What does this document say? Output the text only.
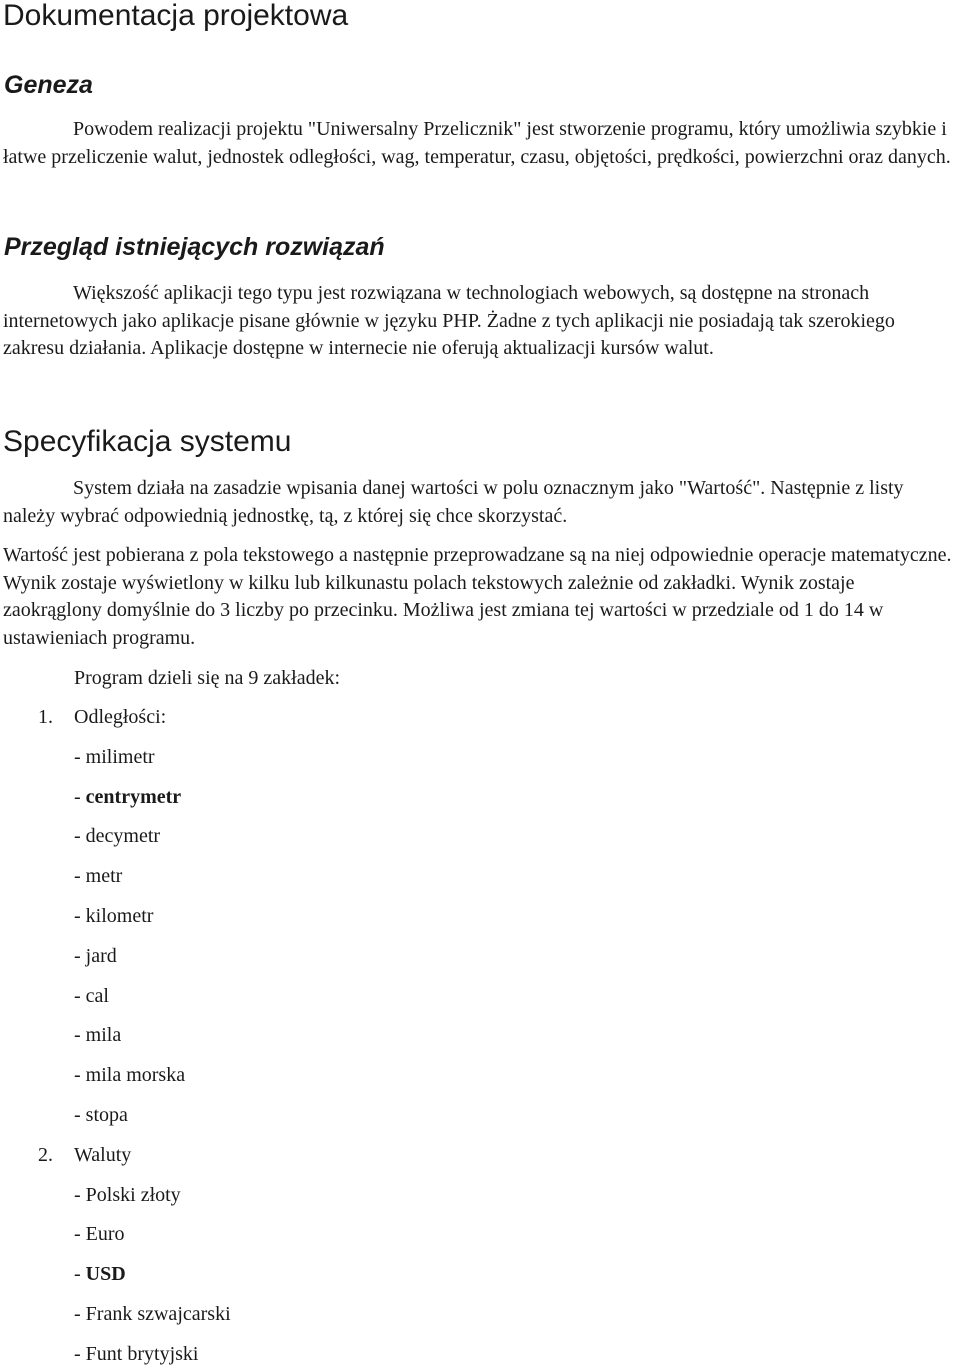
Dokumentacja projektowa
Geneza

Powodem realizacji projektu "Uniwersalny Przelicznik" jest stworzenie programu, który umożliwia szybkie i łatwe przeliczenie walut, jednostek odległości, wag, temperatur, czasu, objętości, prędkości, powierzchni oraz danych.

Przegląd istniejących rozwiązań

Większość aplikacji tego typu jest rozwiązana w technologiach webowych, są dostępne na stronach internetowych jako aplikacje pisane głównie w języku PHP. Żadne z tych aplikacji nie posiadają tak szerokiego zakresu działania. Aplikacje dostępne w internecie nie oferują aktualizacji kursów walut.

Specyfikacja systemu

System działa na zasadzie wpisania danej wartości w polu oznacznym jako "Wartość". Następnie z listy należy wybrać odpowiednią jednostkę, tą, z której się chce skorzystać.

Wartość jest pobierana z pola tekstowego a następnie przeprowadzane są na niej odpowiednie operacje matematyczne. Wynik zostaje wyświetlony w kilku lub kilkunastu polach tekstowych zależnie od zakładki. Wynik zostaje zaokrąglony domyślnie do 3 liczby po przecinku. Możliwa jest zmiana tej wartości w przedziale od 1 do 14 w ustawieniach programu.

Program dzieli się na 9 zakładek:
1. Odległości:
- milimetr
- centrymetr
- decymetr
- metr
- kilometr
- jard
- cal
- mila
- mila morska
- stopa
2. Waluty
- Polski złoty
- Euro
- USD
- Frank szwajcarski
- Funt brytyjski
